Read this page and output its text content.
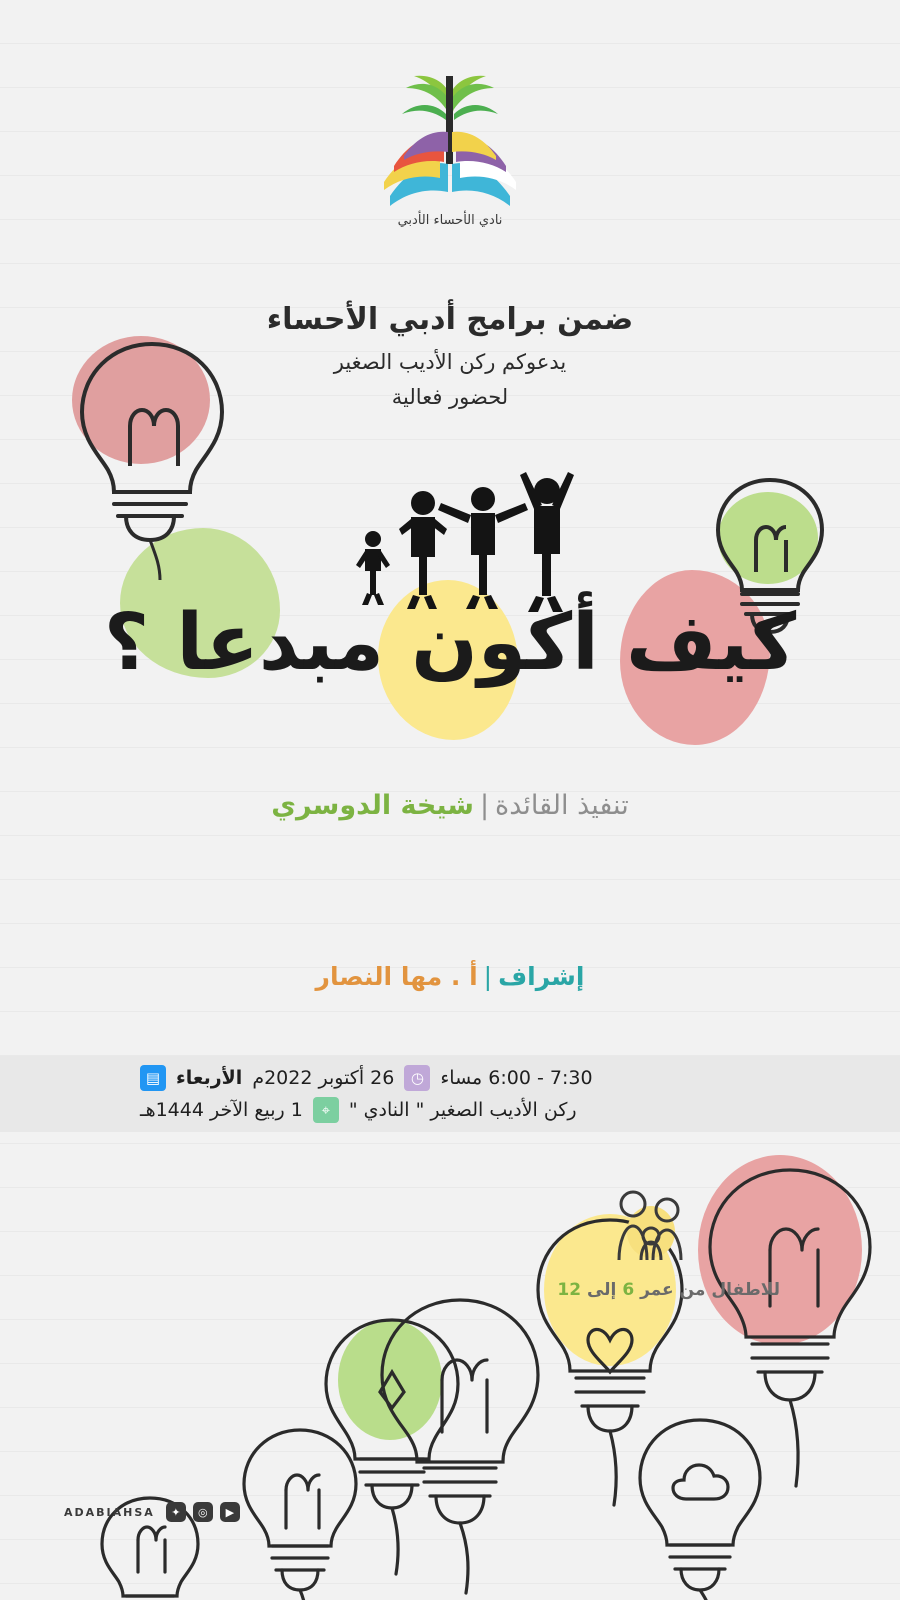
نادي الأحساء الأدبي
ضمن برامج أدبي الأحساء
يدعوكم ركن الأديب الصغير
لحضور فعالية
كيف أكون مبدعا ؟
تنفيذ القائدة|شيخة الدوسري
إشراف|أ . مها النصار
7:30 - 6:00 مساء
◷
26 أكتوبر 2022م
الأربعاء
▤
ركن الأديب الصغير " النادي "
⌖
1 ربيع الآخر 1444هـ
للاطفال من عمر 6 إلى 12
▶
◎
✦
ADABIAHSA
